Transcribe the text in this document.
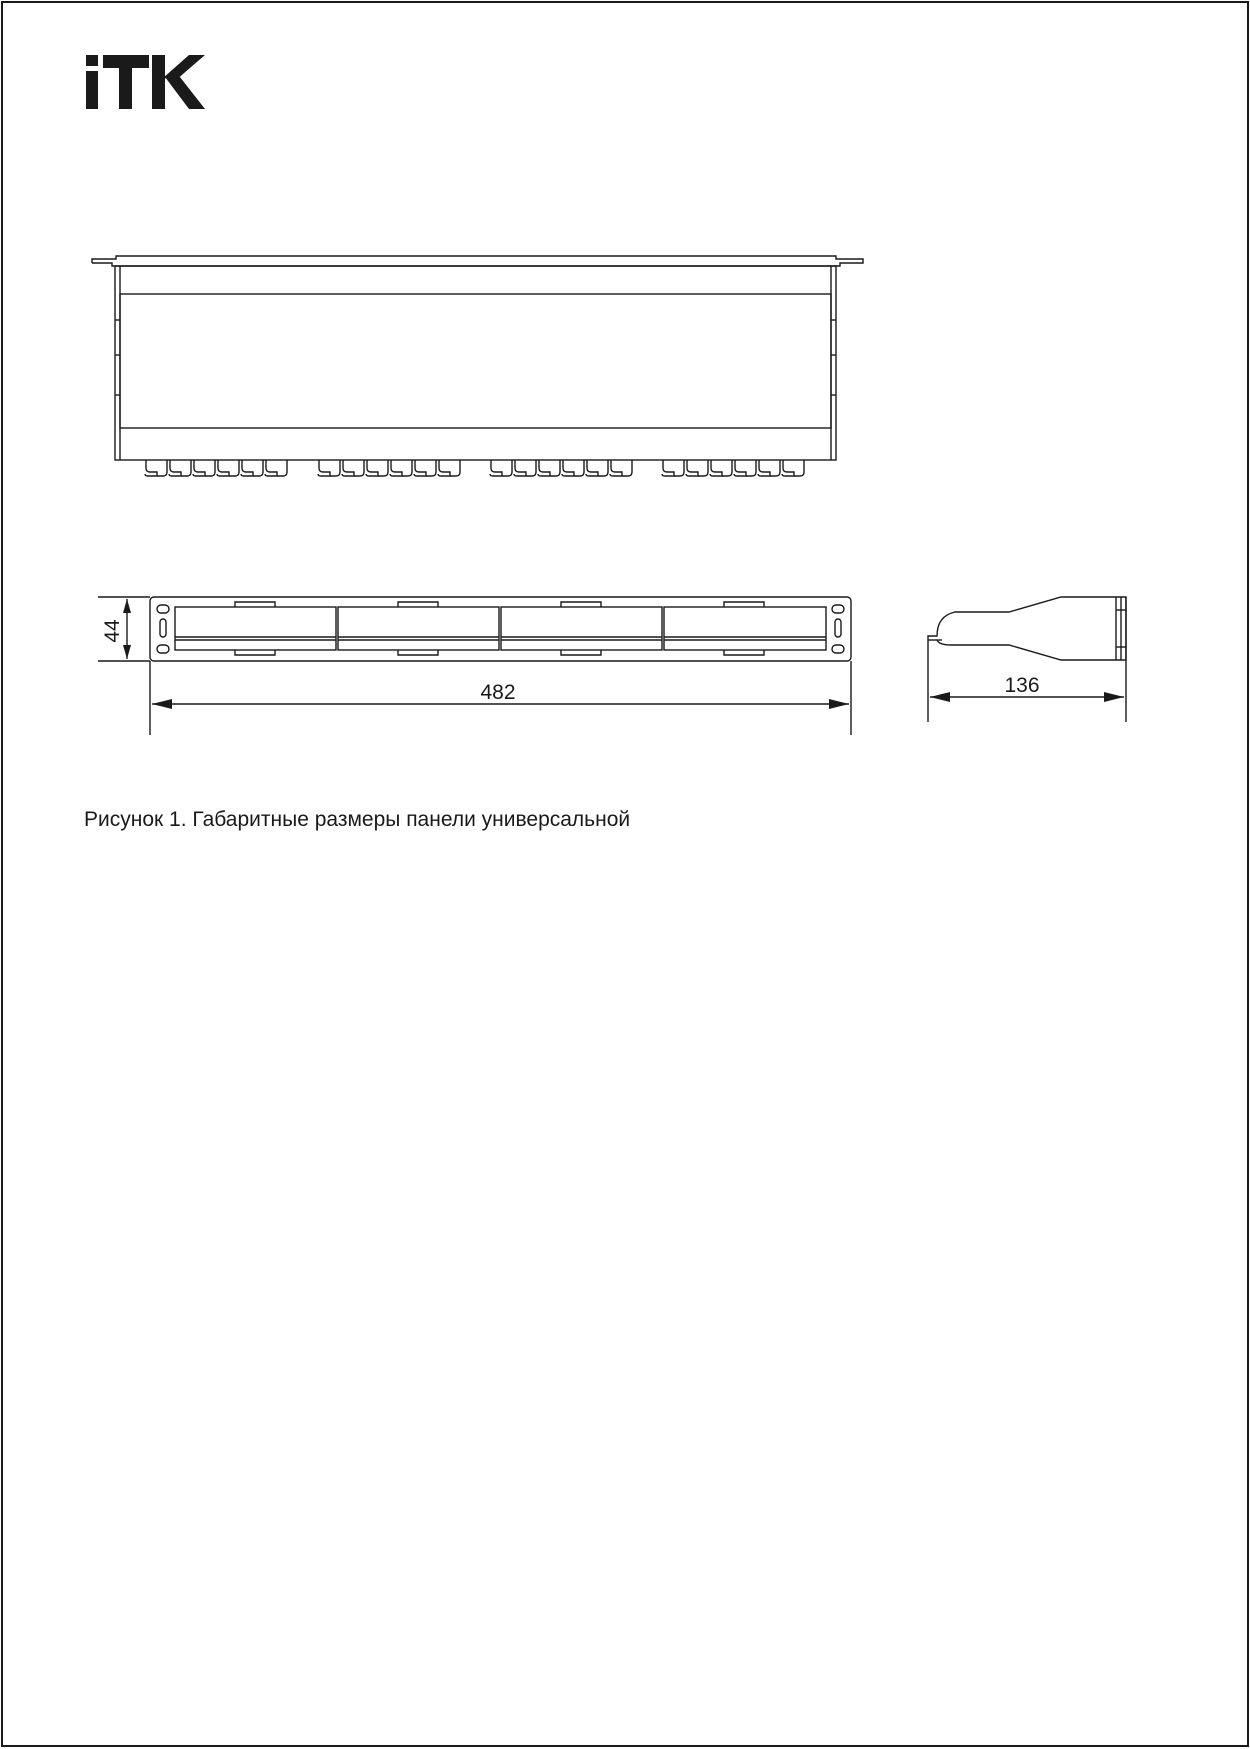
44
482	136
Рисунок 1. Габаритные размеры панели универсальной
